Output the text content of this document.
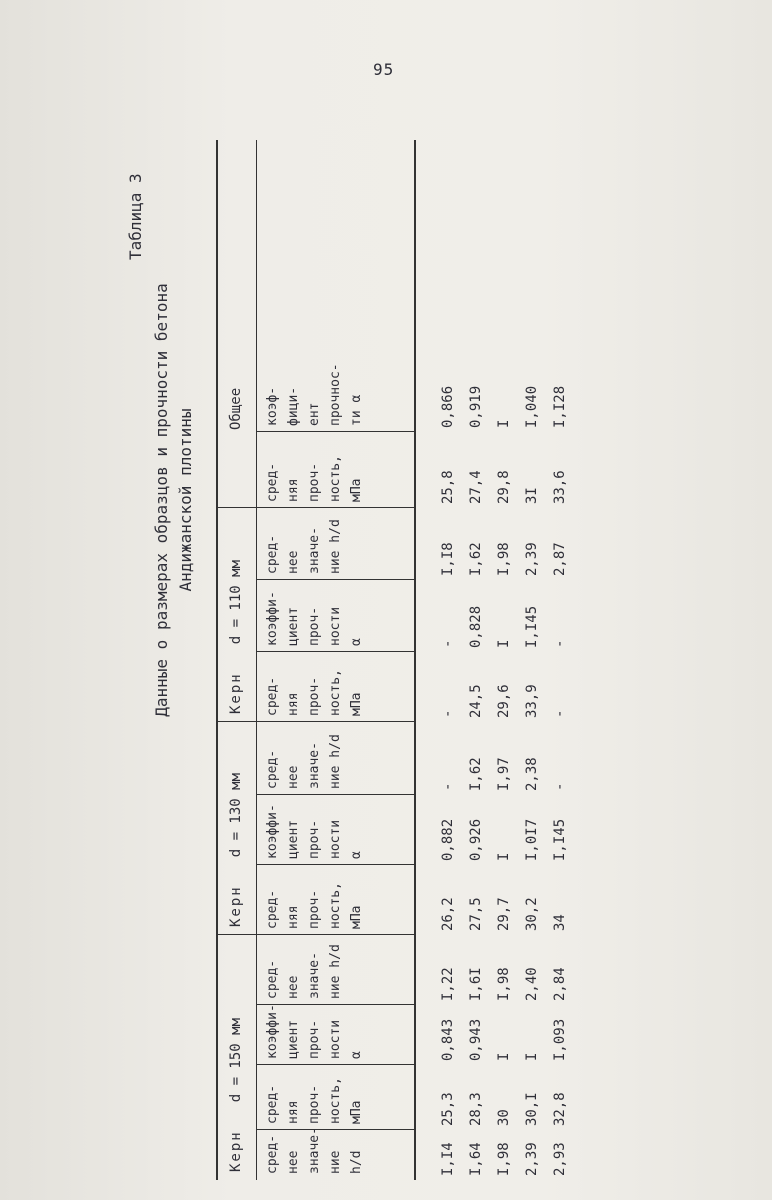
95
Таблица 3
Данные о размерах образцов и прочности бетона Андижанской плотины
Кернd = 150 мм
Кернd = 130 мм
Кернd = 110 мм
Общее
сред-
нее
значе-
ние h/d
сред-
няя
проч-
ность,
мПа
коэффи-
циент
проч-
ности
α
сред-
нее
значе-
ние h/d
сред-
няя
проч-
ность,
мПа
коэффи-
циент
проч-
ности
α
сред-
нее
значе-
ние h/d
сред-
няя
проч-
ность,
мПа
коэффи-
циент
проч-
ности
α
сред-
нее
значе-
ние h/d
сред-
няя
проч-
ность,
мПа
коэф-
фици-
ент
прочнос-
ти α
I,I4
25,3
0,843
I,22
26,2
0,882
-
-
-
I,I8
25,8
0,866
I,64
28,3
0,943
I,6I
27,5
0,926
I,62
24,5
0,828
I,62
27,4
0,919
I,98
30
I
I,98
29,7
I
I,97
29,6
I
I,98
29,8
I
2,39
30,I
I
2,40
30,2
I,0I7
2,38
33,9
I,I45
2,39
3I
I,040
2,93
32,8
I,093
2,84
34
I,I45
-
-
-
2,87
33,6
I,I28
